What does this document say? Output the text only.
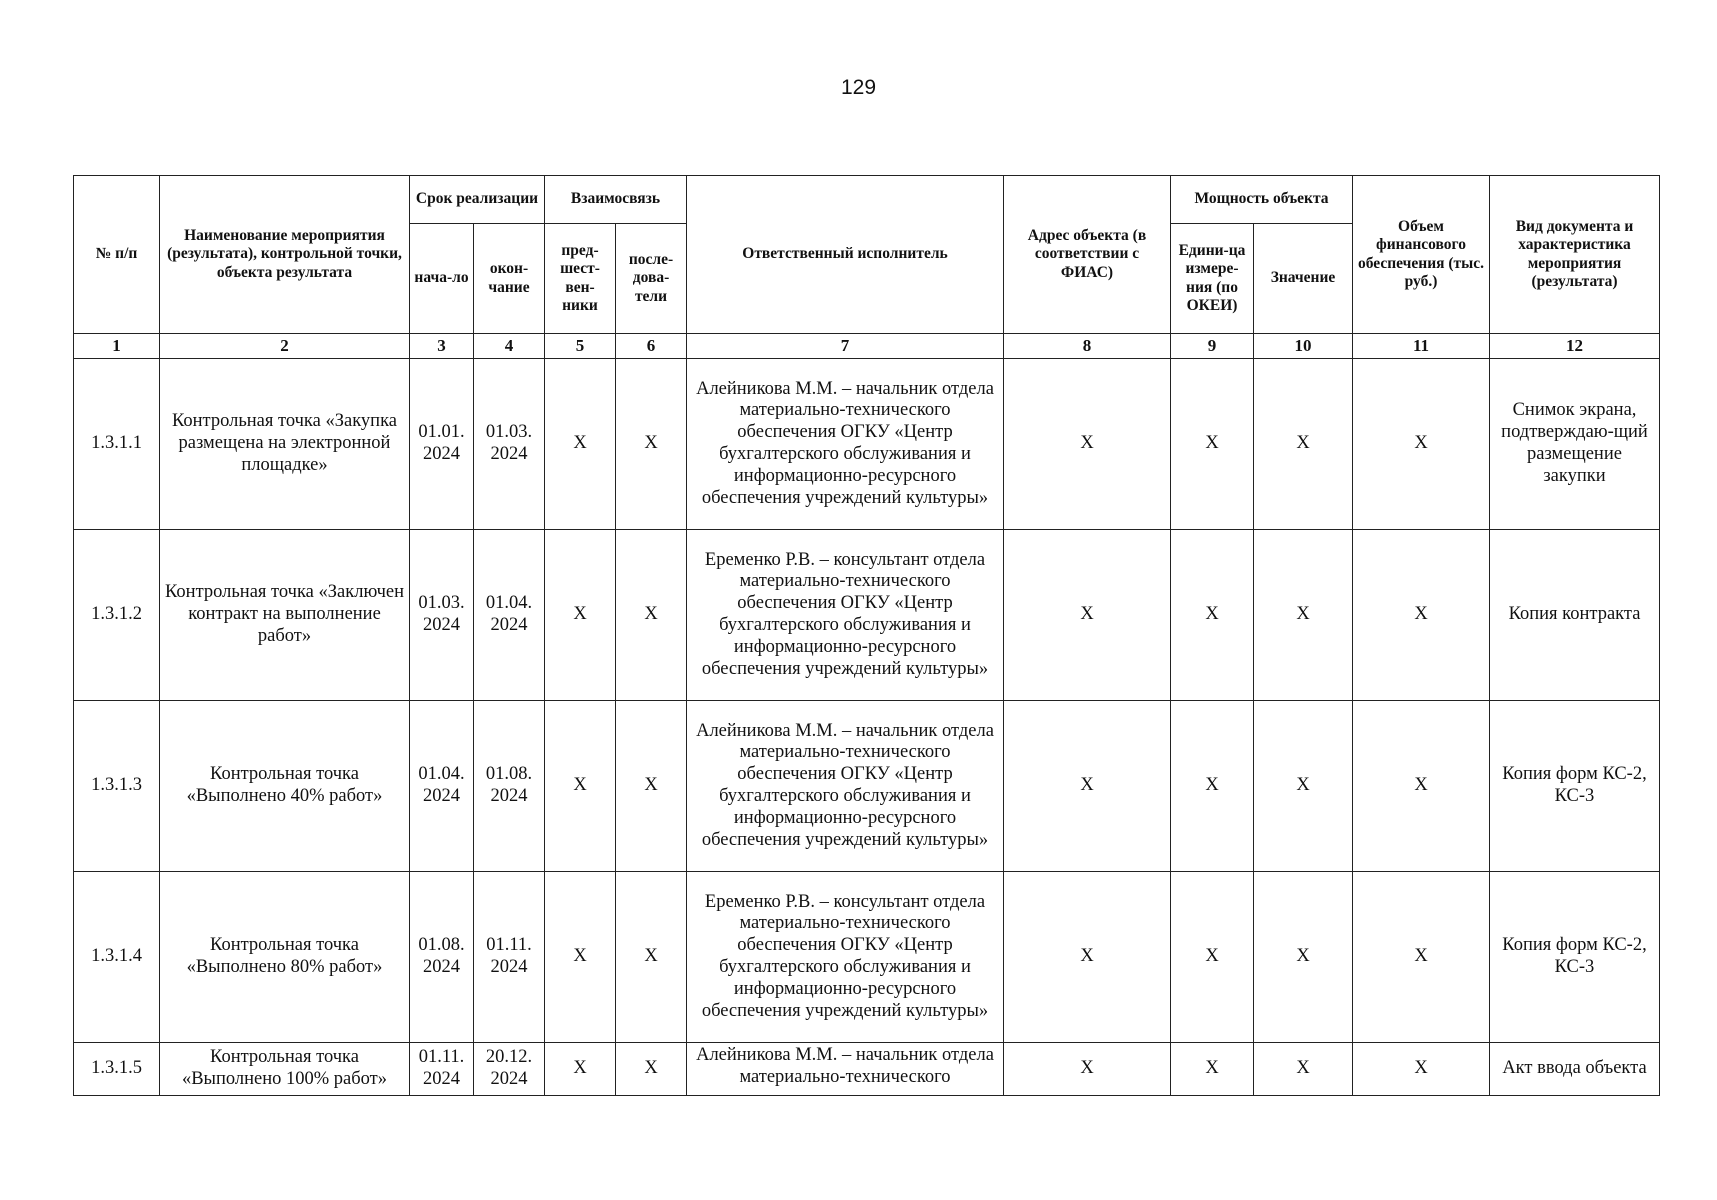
129
№ п/п	Наименование мероприятия (результата), контрольной точки, объекта результата	Срок реализации		Взаимосвязь		Ответственный исполнитель	Адрес объекта (в соответствии с ФИАС)	Мощность объекта		Объем финансового обеспечения (тыс. руб.)	Вид документа и характеристика мероприятия (результата)
		нача-ло	окон-чание	пред-шест-вен-ники	после-дова-тели			Едини-ца измере-ния (по ОКЕИ)	Значение		
1	2	3	4	5	6	7	8	9	10	11	12
1.3.1.1	Контрольная точка «Закупка размещена на электронной площадке»	01.01. 2024	01.03. 2024	Х	Х	Алейникова М.М. – начальник отдела материально-технического обеспечения ОГКУ «Центр бухгалтерского обслуживания и информационно-ресурсного обеспечения учреждений культуры»	Х	Х	Х	Х	Снимок экрана, подтверждаю-щий размещение закупки
1.3.1.2	Контрольная точка «Заключен контракт на выполнение работ»	01.03. 2024	01.04. 2024	Х	Х	Еременко Р.В. – консультант отдела материально-технического обеспечения ОГКУ «Центр бухгалтерского обслуживания и информационно-ресурсного обеспечения учреждений культуры»	Х	Х	Х	Х	Копия контракта
1.3.1.3	Контрольная точка «Выполнено 40% работ»	01.04. 2024	01.08. 2024	Х	Х	Алейникова М.М. – начальник отдела материально-технического обеспечения ОГКУ «Центр бухгалтерского обслуживания и информационно-ресурсного обеспечения учреждений культуры»	Х	Х	Х	Х	Копия форм КС-2, КС-3
1.3.1.4	Контрольная точка «Выполнено 80% работ»	01.08. 2024	01.11. 2024	Х	Х	Еременко Р.В. – консультант отдела материально-технического обеспечения ОГКУ «Центр бухгалтерского обслуживания и информационно-ресурсного обеспечения учреждений культуры»	Х	Х	Х	Х	Копия форм КС-2, КС-3
1.3.1.5	Контрольная точка «Выполнено 100% работ»	01.11. 2024	20.12. 2024	Х	Х	Алейникова М.М. – начальник отдела материально-технического	Х	Х	Х	Х	Акт ввода объекта
